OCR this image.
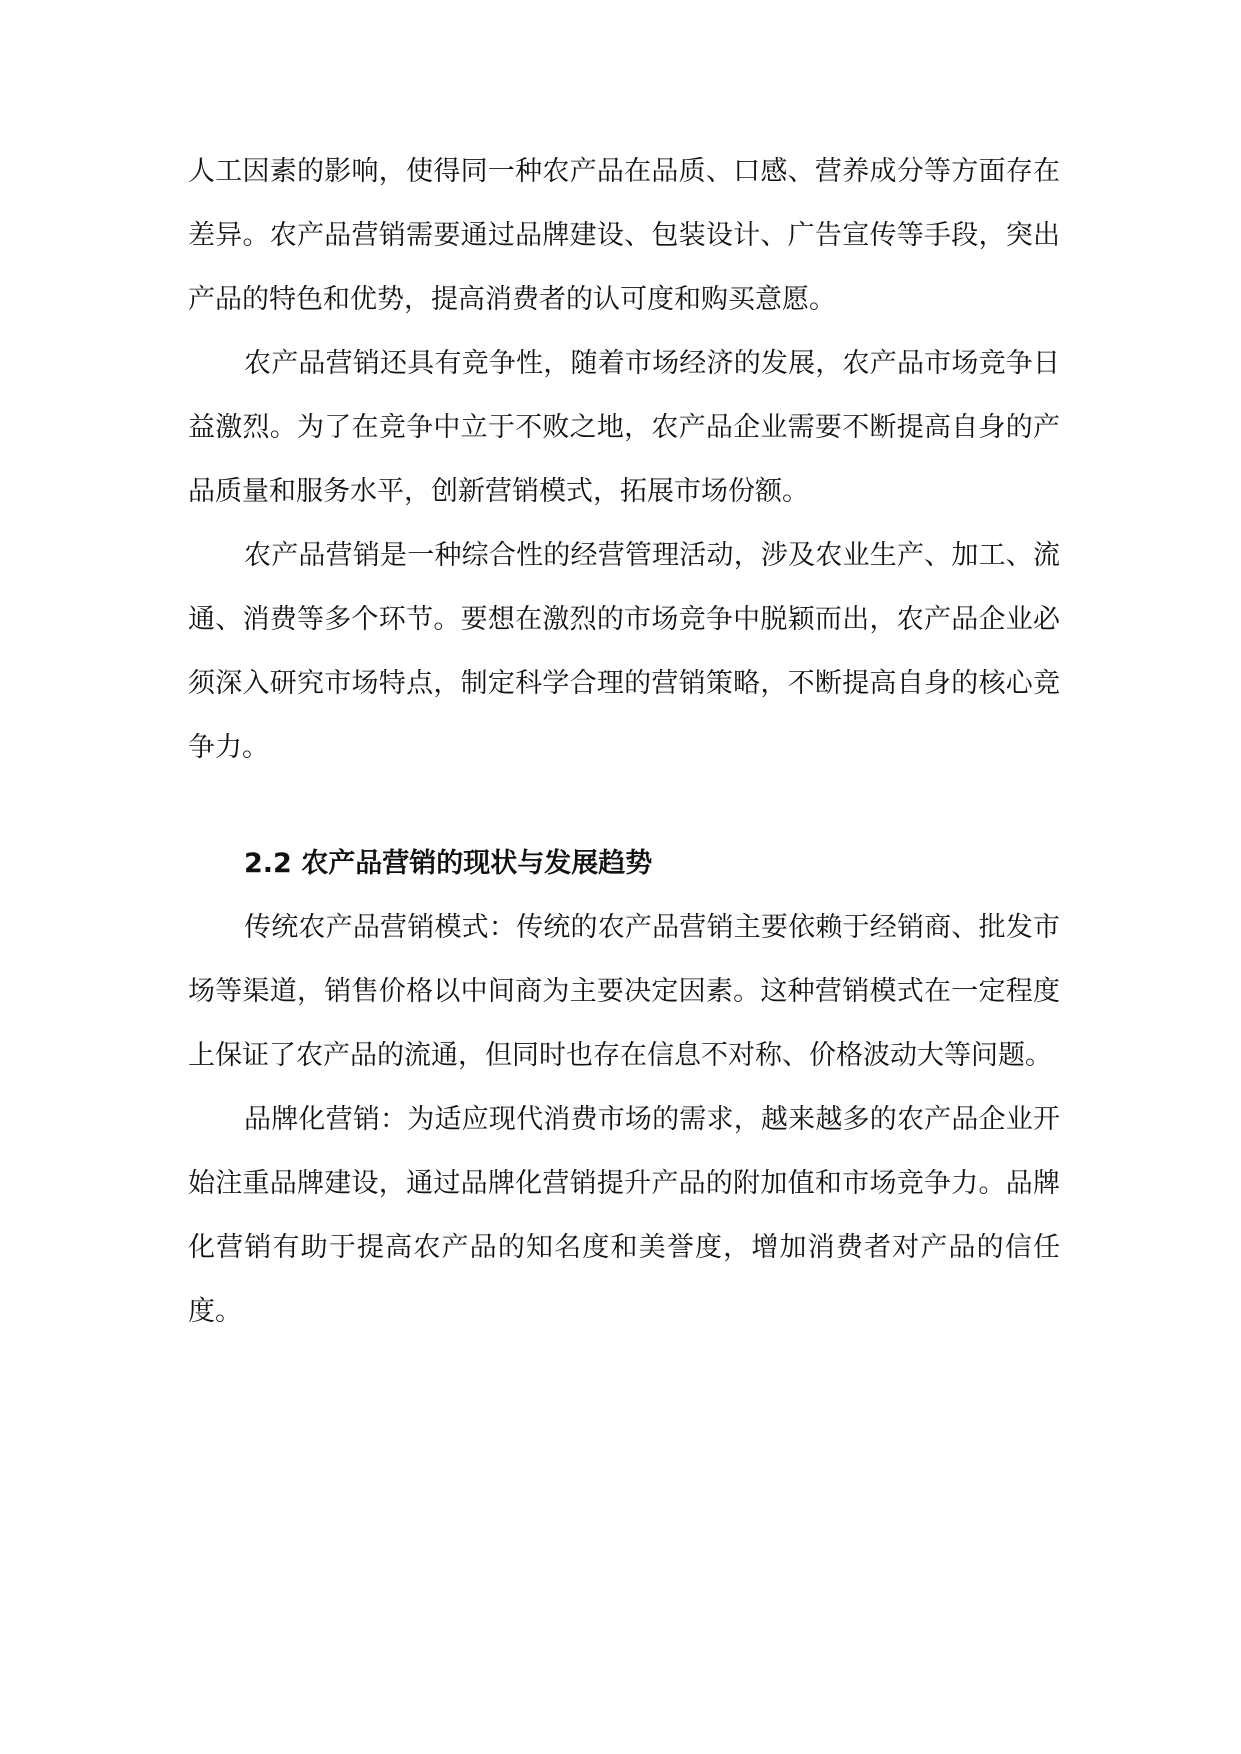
人工因素的影响，使得同一种农产品在品质、口感、营养成分等方面存在差异。农产品营销需要通过品牌建设、包装设计、广告宣传等手段，突出产品的特色和优势，提高消费者的认可度和购买意愿。

农产品营销还具有竞争性，随着市场经济的发展，农产品市场竞争日益激烈。为了在竞争中立于不败之地，农产品企业需要不断提高自身的产品质量和服务水平，创新营销模式，拓展市场份额。

农产品营销是一种综合性的经营管理活动，涉及农业生产、加工、流通、消费等多个环节。要想在激烈的市场竞争中脱颖而出，农产品企业必须深入研究市场特点，制定科学合理的营销策略，不断提高自身的核心竞争力。

2.2 农产品营销的现状与发展趋势

传统农产品营销模式：传统的农产品营销主要依赖于经销商、批发市场等渠道，销售价格以中间商为主要决定因素。这种营销模式在一定程度上保证了农产品的流通，但同时也存在信息不对称、价格波动大等问题。

品牌化营销：为适应现代消费市场的需求，越来越多的农产品企业开始注重品牌建设，通过品牌化营销提升产品的附加值和市场竞争力。品牌化营销有助于提高农产品的知名度和美誉度，增加消费者对产品的信任度。
